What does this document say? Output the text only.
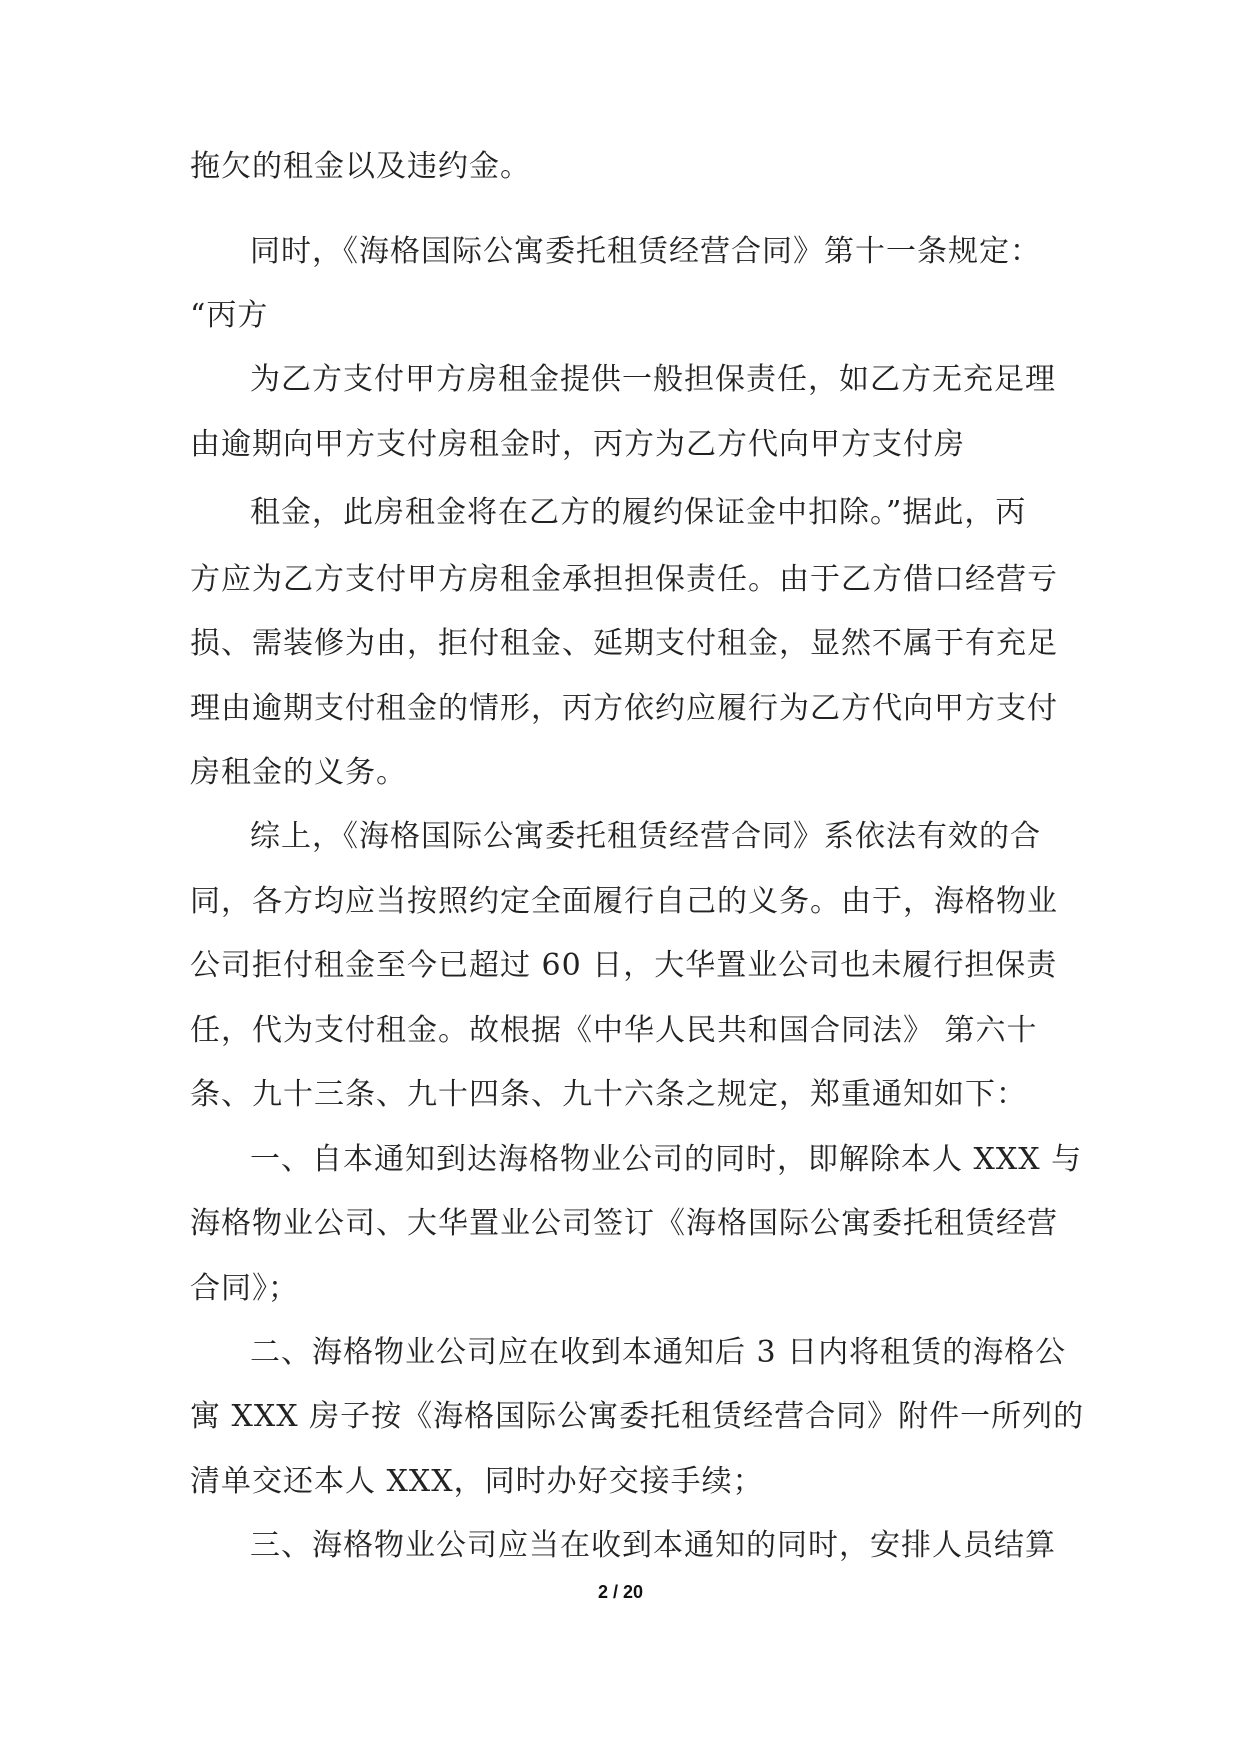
拖欠的租金以及违约金。
同时，《海格国际公寓委托租赁经营合同》第十一条规定：
“丙方
为乙方支付甲方房租金提供一般担保责任，如乙方无充足理
由逾期向甲方支付房租金时，丙方为乙方代向甲方支付房
租金，此房租金将在乙方的履约保证金中扣除。”据此，丙
方应为乙方支付甲方房租金承担担保责任。由于乙方借口经营亏
损、需装修为由，拒付租金、延期支付租金，显然不属于有充足
理由逾期支付租金的情形，丙方依约应履行为乙方代向甲方支付
房租金的义务。
综上，《海格国际公寓委托租赁经营合同》系依法有效的合
同，各方均应当按照约定全面履行自己的义务。由于，海格物业
公司拒付租金至今已超过 60 日，大华置业公司也未履行担保责
任，代为支付租金。故根据《中华人民共和国合同法》 第六十
条、九十三条、九十四条、九十六条之规定，郑重通知如下：
一、自本通知到达海格物业公司的同时，即解除本人 XXX 与
海格物业公司、大华置业公司签订《海格国际公寓委托租赁经营
合同》；
二、海格物业公司应在收到本通知后 3 日内将租赁的海格公
寓 XXX 房子按《海格国际公寓委托租赁经营合同》附件一所列的
清单交还本人 XXX，同时办好交接手续；
三、海格物业公司应当在收到本通知的同时，安排人员结算
2 / 20
